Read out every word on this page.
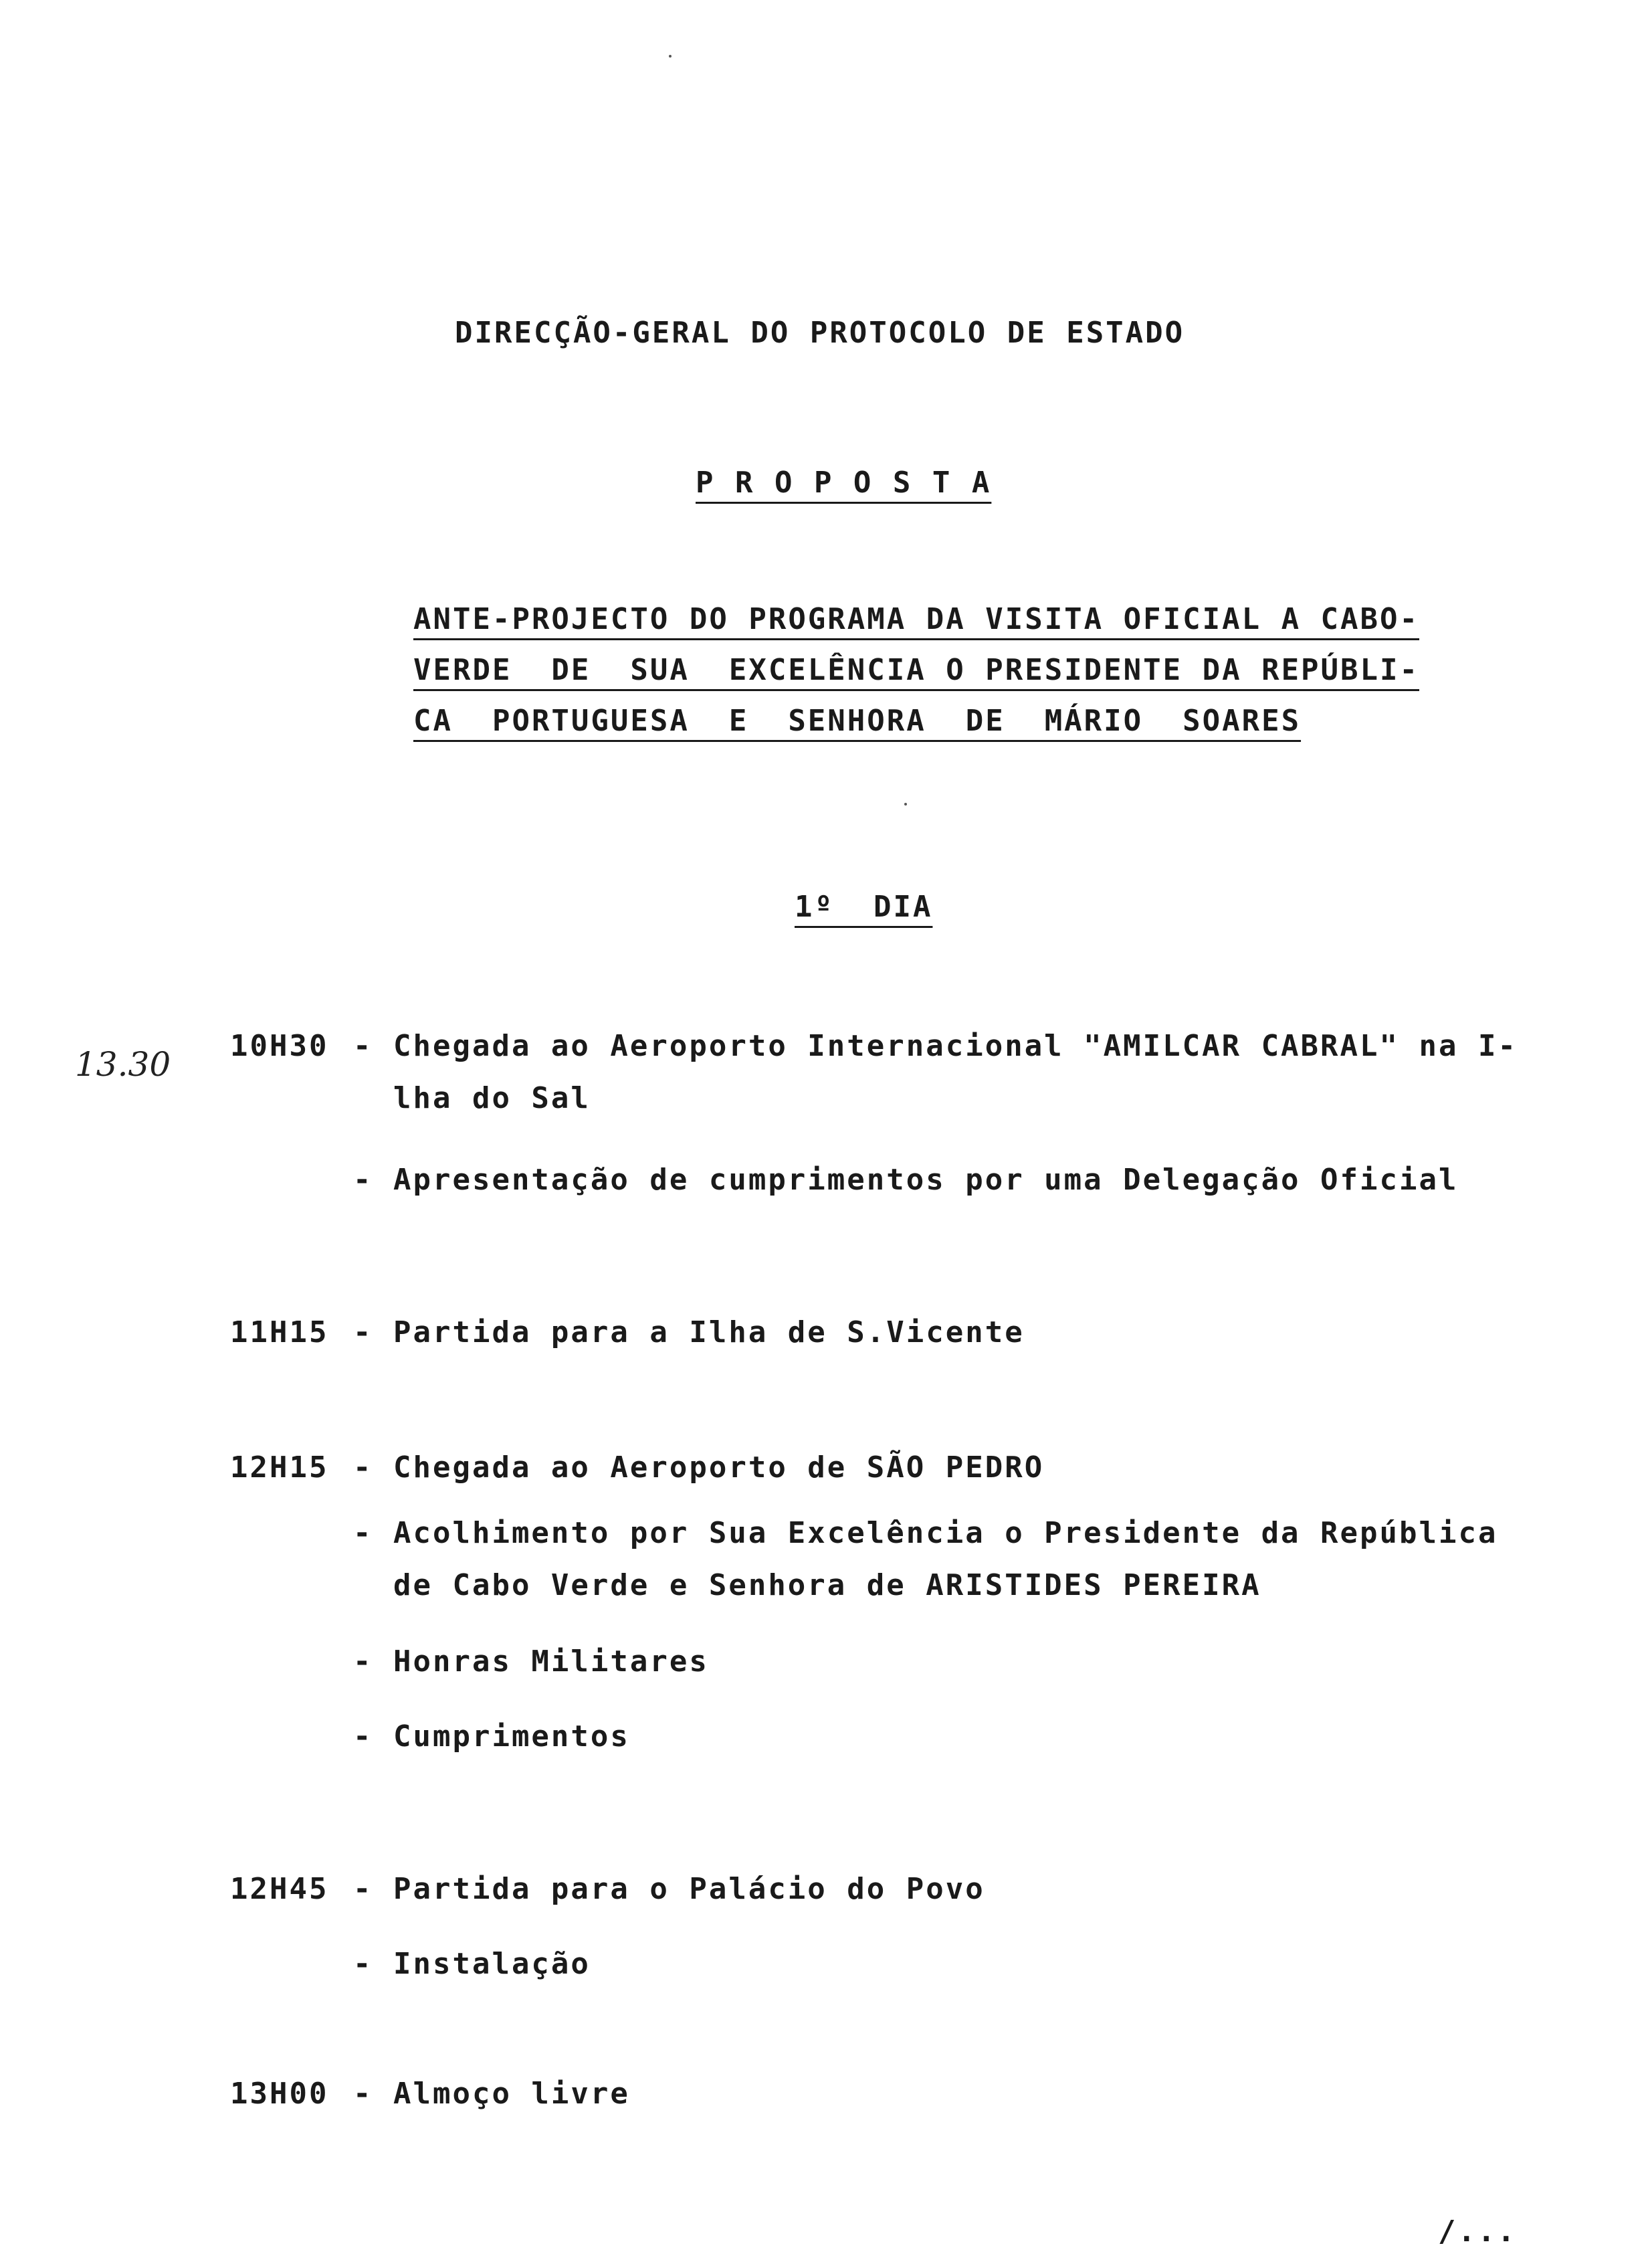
DIRECÇÃO-GERAL DO PROTOCOLO DE ESTADO
P R O P O S T A
ANTE-PROJECTO DO PROGRAMA DA VISITA OFICIAL A CABO-
VERDE  DE  SUA  EXCELÊNCIA O PRESIDENTE DA REPÚBLI-
CA  PORTUGUESA  E  SENHORA  DE  MÁRIO  SOARES
1º  DIA
13.30 10H30 - Chegada ao Aeroporto Internacional "AMILCAR CABRAL" na I-
lha do Sal
- Apresentação de cumprimentos por uma Delegação Oficial
11H15 - Partida para a Ilha de S.Vicente
12H15 - Chegada ao Aeroporto de SÃO PEDRO
- Acolhimento por Sua Excelência o Presidente da República
de Cabo Verde e Senhora de ARISTIDES PEREIRA
- Honras Militares
- Cumprimentos
12H45 - Partida para o Palácio do Povo
- Instalação
13H00 - Almoço livre
/...
